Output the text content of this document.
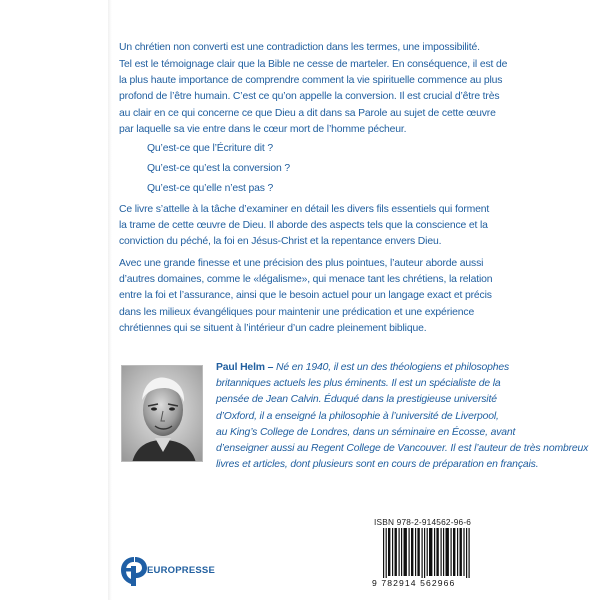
Un chrétien non converti est une contradiction dans les termes, une impossibilité.
Tel est le témoignage clair que la Bible ne cesse de marteler. En conséquence, il est de
la plus haute importance de comprendre comment la vie spirituelle commence au plus
profond de l’être humain. C’est ce qu’on appelle la conversion. Il est crucial d’être très
au clair en ce qui concerne ce que Dieu a dit dans sa Parole au sujet de cette œuvre
par laquelle sa vie entre dans le cœur mort de l’homme pécheur.
Qu’est-ce que l’Écriture dit ?
Qu’est-ce qu’est la conversion ?
Qu’est-ce qu’elle n’est pas ?
Ce livre s’attelle à la tâche d’examiner en détail les divers fils essentiels qui forment
la trame de cette œuvre de Dieu. Il aborde des aspects tels que la conscience et la
conviction du péché, la foi en Jésus-Christ et la repentance envers Dieu.
Avec une grande finesse et une précision des plus pointues, l’auteur aborde aussi
d’autres domaines, comme le «légalisme», qui menace tant les chrétiens, la relation
entre la foi et l’assurance, ainsi que le besoin actuel pour un langage exact et précis
dans les milieux évangéliques pour maintenir une prédication et une expérience
chrétiennes qui se situent à l’intérieur d’un cadre pleinement biblique.
Paul Helm – Né en 1940, il est un des théologiens et philosophes
britanniques actuels les plus éminents. Il est un spécialiste de la
pensée de Jean Calvin. Éduqué dans la prestigieuse université
d’Oxford, il a enseigné la philosophie à l’université de Liverpool,
au King’s College de Londres, dans un séminaire en Écosse, avant
d’enseigner aussi au Regent College de Vancouver. Il est l’auteur de très nombreux
livres et articles, dont plusieurs sont en cours de préparation en français.
EUROPRESSE
ISBN 978-2-914562-96-6
9 782914 562966
